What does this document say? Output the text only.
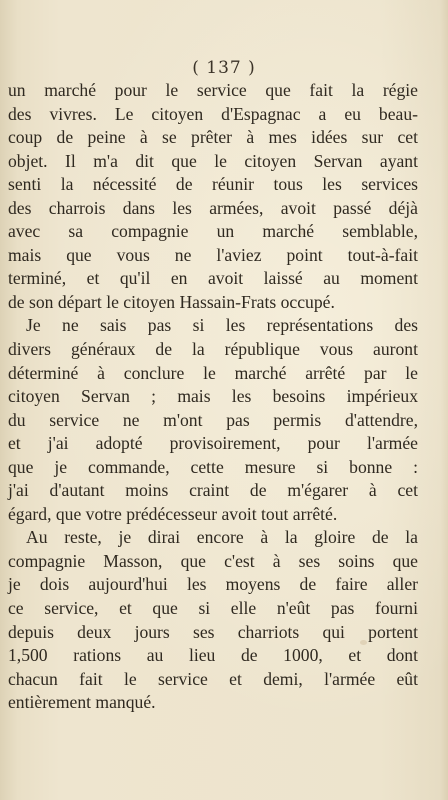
( 137 )
un marché pour le service que fait la régie
des vivres. Le citoyen d'Espagnac a eu beau-
coup de peine à se prêter à mes idées sur cet
objet. Il m'a dit que le citoyen Servan ayant
senti la nécessité de réunir tous les services
des charrois dans les armées, avoit passé déjà
avec sa compagnie un marché semblable,
mais que vous ne l'aviez point tout-à-fait
terminé, et qu'il en avoit laissé au moment
de son départ le citoyen Hassain-Frats occupé.
Je ne sais pas si les représentations des
divers généraux de la république vous auront
déterminé à conclure le marché arrêté par le
citoyen Servan ; mais les besoins impérieux
du service ne m'ont pas permis d'attendre,
et j'ai adopté provisoirement, pour l'armée
que je commande, cette mesure si bonne :
j'ai d'autant moins craint de m'égarer à cet
égard, que votre prédécesseur avoit tout arrêté.
Au reste, je dirai encore à la gloire de la
compagnie Masson, que c'est à ses soins que
je dois aujourd'hui les moyens de faire aller
ce service, et que si elle n'eût pas fourni
depuis deux jours ses charriots qui portent
1,500 rations au lieu de 1000, et dont
chacun fait le service et demi, l'armée eût
entièrement manqué.
